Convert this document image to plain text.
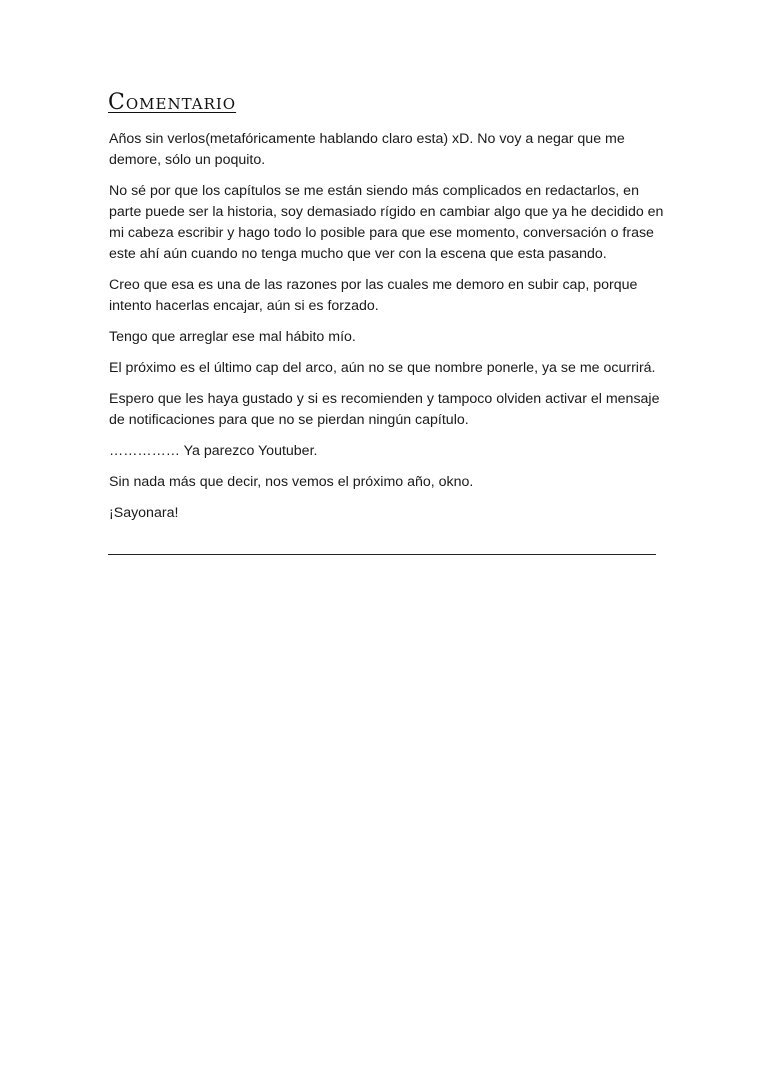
Comentario

Años sin verlos(metafóricamente hablando claro esta) xD. No voy a negar que me demore, sólo un poquito.

No sé por que los capítulos se me están siendo más complicados en redactarlos, en parte puede ser la historia, soy demasiado rígido en cambiar algo que ya he decidido en mi cabeza escribir y hago todo lo posible para que ese momento, conversación o frase este ahí aún cuando no tenga mucho que ver con la escena que esta pasando.

Creo que esa es una de las razones por las cuales me demoro en subir cap, porque intento hacerlas encajar, aún si es forzado.

Tengo que arreglar ese mal hábito mío.

El próximo es el último cap del arco, aún no se que nombre ponerle, ya se me ocurrirá.

Espero que les haya gustado y si es recomienden y tampoco olviden activar el mensaje de notificaciones para que no se pierdan ningún capítulo.

…………… Ya parezco Youtuber.

Sin nada más que decir, nos vemos el próximo año, okno.

¡Sayonara!
